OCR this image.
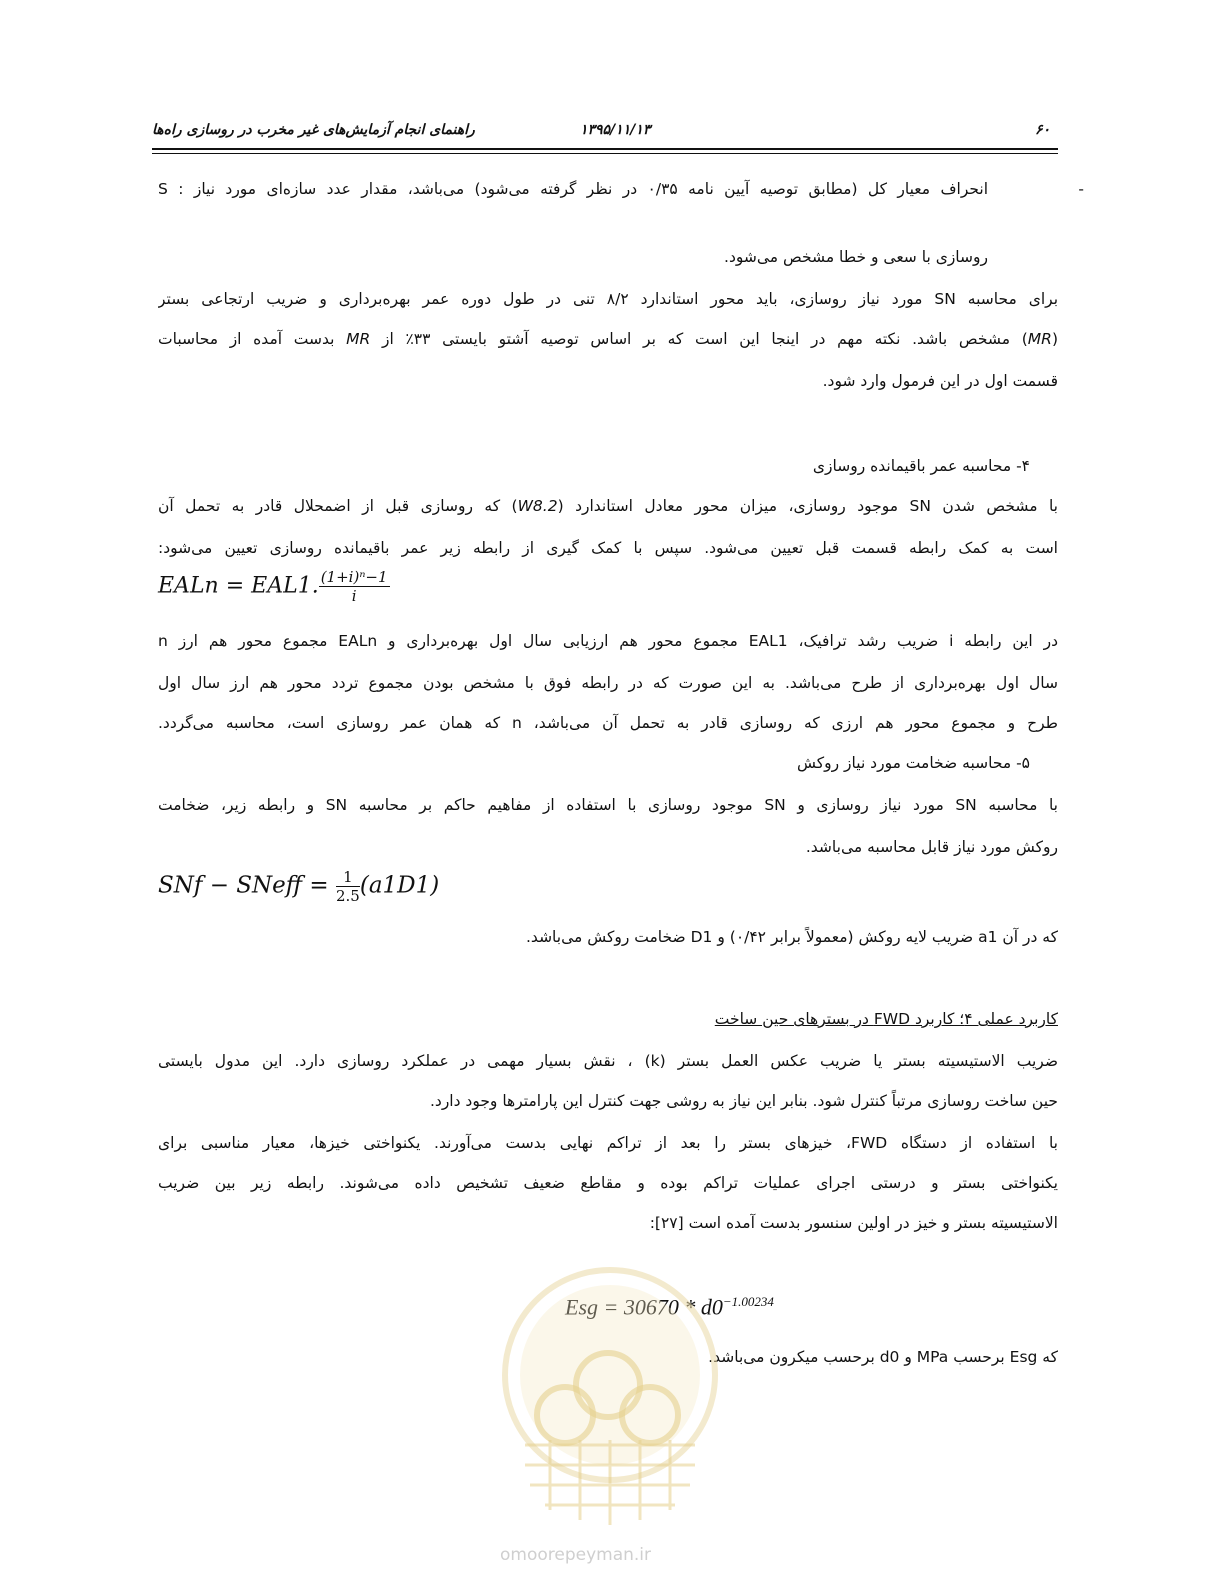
۶۰
۱۳۹۵/۱۱/۱۳
راهنمای انجام آزمایش‌های غیر مخرب در روسازی راه‌ها
-
S : انحراف معیار کل (مطابق توصیه آیین نامه ۰/۳۵ در نظر گرفته می‌شود) می‌باشد، مقدار عدد سازه‌ای مورد نیاز
روسازی با سعی و خطا مشخص می‌شود.
برای محاسبه SN مورد نیاز روسازی، باید محور استاندارد ۸/۲ تنی در طول دوره عمر بهره‌برداری و ضریب ارتجاعی بستر
(MR) مشخص باشد. نکته مهم در اینجا این است که بر اساس توصیه آشتو بایستی ۳۳٪ از MR بدست آمده از محاسبات
قسمت اول در این فرمول وارد شود.
۴- محاسبه عمر باقیمانده روسازی
با مشخص شدن SN موجود روسازی، میزان محور معادل استاندارد (W8.2) که روسازی قبل از اضمحلال قادر به تحمل آن
است به کمک رابطه قسمت قبل تعیین می‌شود. سپس با کمک گیری از رابطه زیر عمر باقیمانده روسازی تعیین می‌شود:
EALn = EAL1. $\frac{\text{(1+i)ⁿ−1}}{i}$
در این رابطه i ضریب رشد ترافیک، EAL1 مجموع محور هم ارزیابی سال اول بهره‌برداری و EALn مجموع محور هم ارز n
سال اول بهره‌برداری از طرح می‌باشد. به این صورت که در رابطه فوق با مشخص بودن مجموع تردد محور هم ارز سال اول
طرح و مجموع محور هم ارزی که روسازی قادر به تحمل آن می‌باشد، n که همان عمر روسازی است، محاسبه می‌گردد.
۵- محاسبه ضخامت مورد نیاز روکش
با محاسبه SN مورد نیاز روسازی و SN موجود روسازی با استفاده از مفاهیم حاکم بر محاسبه SN و رابطه زیر، ضخامت
روکش مورد نیاز قابل محاسبه می‌باشد.
SNf − SNeff = $\frac{1}{2.5} (a1D1)$
که در آن a1 ضریب لایه روکش (معمولاً برابر ۰/۴۲) و D1 ضخامت روکش می‌باشد.
کاربرد عملی ۴؛ کاربرد FWD در بسترهای حین ساخت
ضریب الاستیسیته بستر یا ضریب عکس العمل بستر (k) ، نقش بسیار مهمی در عملکرد روسازی دارد. این مدول بایستی
حین ساخت روسازی مرتباً کنترل شود. بنابر این نیاز به روشی جهت کنترل این پارامترها وجود دارد.
با استفاده از دستگاه FWD، خیزهای بستر را بعد از تراکم نهایی بدست می‌آورند. یکنواختی خیزها، معیار مناسبی برای
یکنواختی بستر و درستی اجرای عملیات تراکم بوده و مقاطع ضعیف تشخیص داده می‌شوند. رابطه زیر بین ضریب
الاستیسیته بستر و خیز در اولین سنسور بدست آمده است [۲۷]:
Esg = $30670 * d0^{-1.00234}$
که Esg برحسب MPa و d0 برحسب میکرون می‌باشد.
omoorepeyman.ir
